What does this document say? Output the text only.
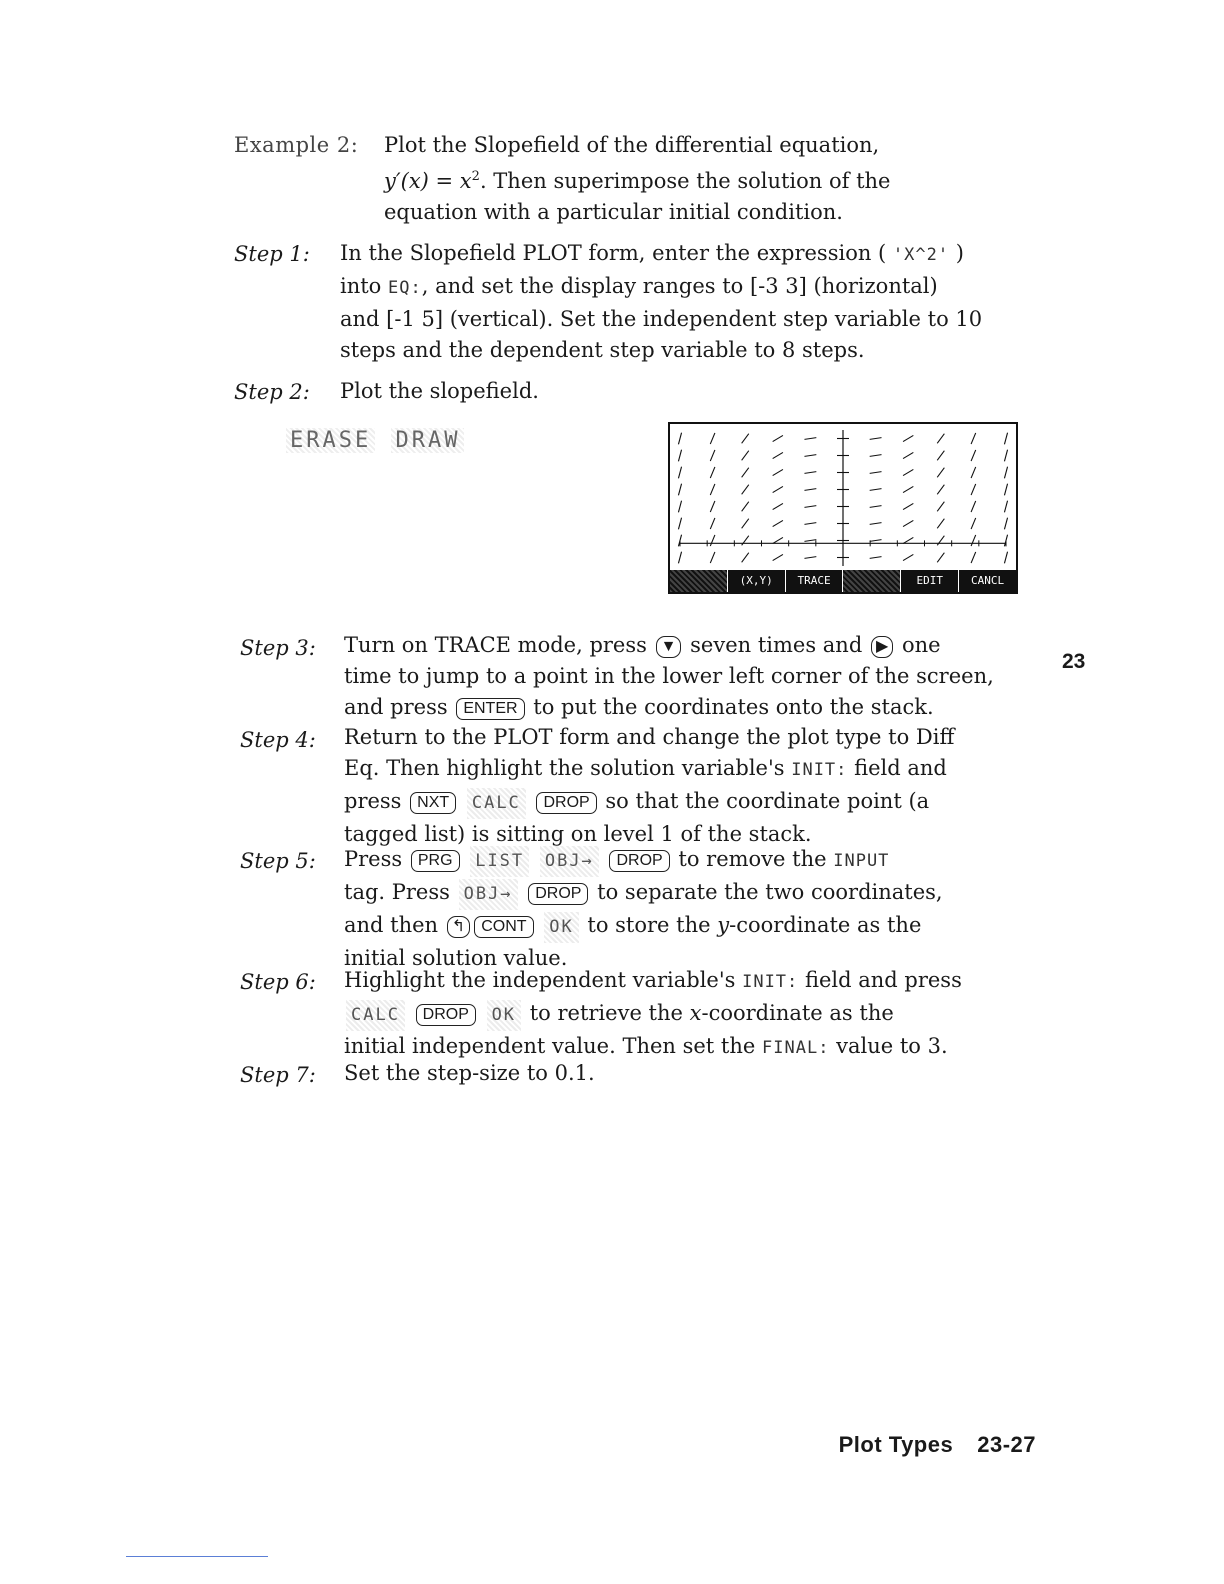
Example 2: Plot the Slopefield of the differential equation,
$y'(x) = x^2$. Then superimpose the solution of the
equation with a particular initial condition.
Step 1: In the Slopefield PLOT form, enter the expression ( 'X^2' )
into EQ:, and set the display ranges to [-3 3] (horizontal)
and [-1 5] (vertical). Set the independent step variable to 10
steps and the dependent step variable to 8 steps.
Step 2: Plot the slopefield.
ERASE DRAW
(X,Y)	TRACE	EDIT	CANCL
Step 3: Turn on TRACE mode, press ▼ seven times and ▶ one
time to jump to a point in the lower left corner of the screen,
and press ENTER to put the coordinates onto the stack.
Step 4: Return to the PLOT form and change the plot type to Diff
Eq. Then highlight the solution variable's INIT: field and
press NXT CALC DROP so that the coordinate point (a
tagged list) is sitting on level 1 of the stack.
Step 5: Press PRG LIST OBJ→ DROP to remove the INPUT
tag. Press OBJ→ DROP to separate the two coordinates,
and then ↰ CONT OK to store the y-coordinate as the
initial solution value.
Step 6: Highlight the independent variable's INIT: field and press
CALC DROP OK to retrieve the x-coordinate as the
initial independent value. Then set the FINAL: value to 3.
Step 7: Set the step-size to 0.1.
23
Plot Types 23-27
